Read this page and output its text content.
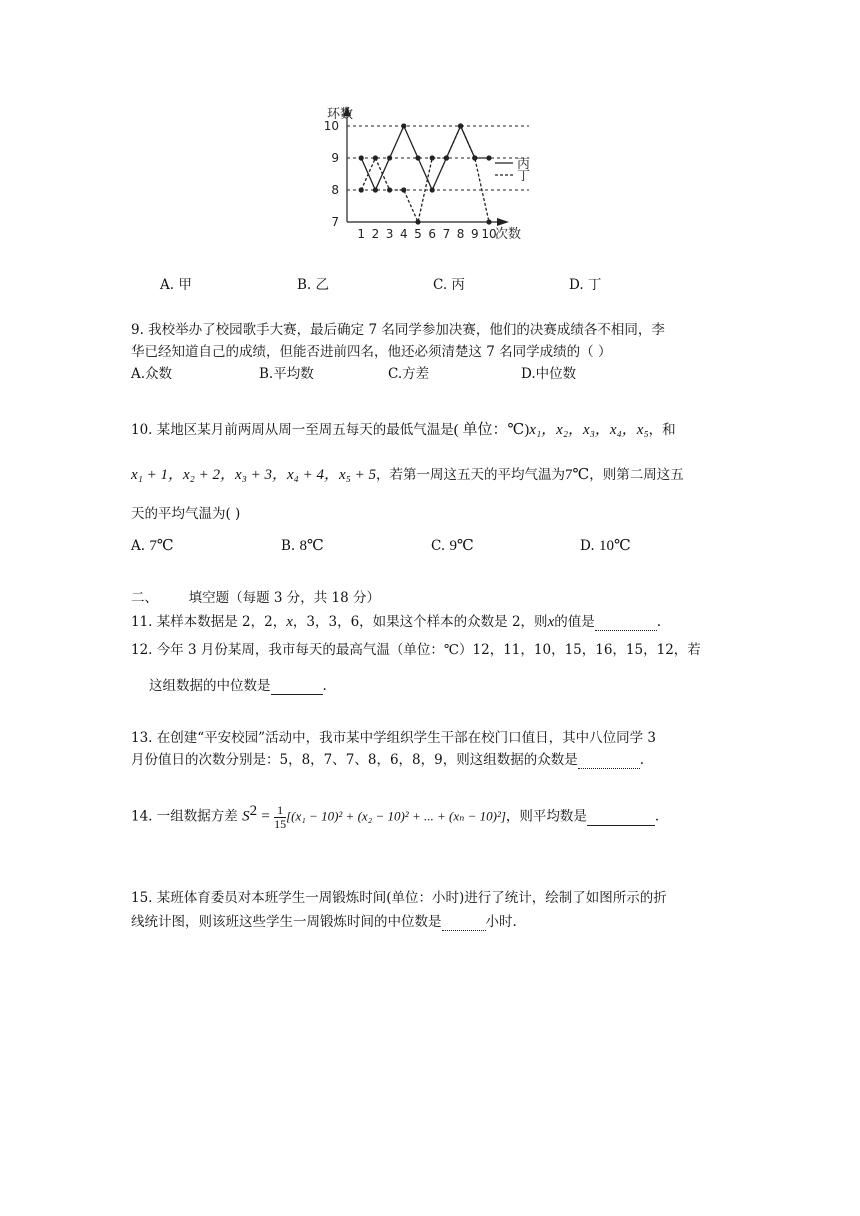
7
8
9
10
1 2 3 4 5 6 7 8 9 10
环数
次数
丙
丁
A. 甲	B. 乙	C. 丙	D. 丁
9. 我校举办了校园歌手大赛，最后确定 7 名同学参加决赛，他们的决赛成绩各不相同，李
华已经知道自己的成绩，但能否进前四名，他还必须清楚这 7 名同学成绩的（ ）
A.众数	B.平均数	C.方差	D.中位数
10. 某地区某月前两周从周一至周五每天的最低气温是( 单位：℃)x₁，x₂，x₃，x₄，x₅，和
x₁ + 1，x₂ + 2，x₃ + 3，x₄ + 4，x₅ + 5，若第一周这五天的平均气温为7℃，则第二周这五
天的平均气温为( )
A. 7℃	B. 8℃	C. 9℃	D. 10℃
二、 填空题（每题 3 分，共 18 分）
11. 某样本数据是 2，2，x，3，3，6，如果这个样本的众数是 2，则x的值是	.
12. 今年 3 月份某周，我市每天的最高气温（单位：℃）12，11，10，15，16，15，12，若
这组数据的中位数是	.
13. 在创建“平安校园”活动中，我市某中学组织学生干部在校门口值日，其中八位同学 3
月份值日的次数分别是：5，8，7、7、8，6，8，9，则这组数据的众数是	.
14. 一组数据方差 $S^2 = \frac{1}{15} [(x_1 - 10)^2 + (x_2 - 10)^2$ + ... + (xₙ − 10)²]，则平均数是	.
15. 某班体育委员对本班学生一周锻炼时间(单位：小时)进行了统计，绘制了如图所示的折
线统计图，则该班这些学生一周锻炼时间的中位数是	小时.
